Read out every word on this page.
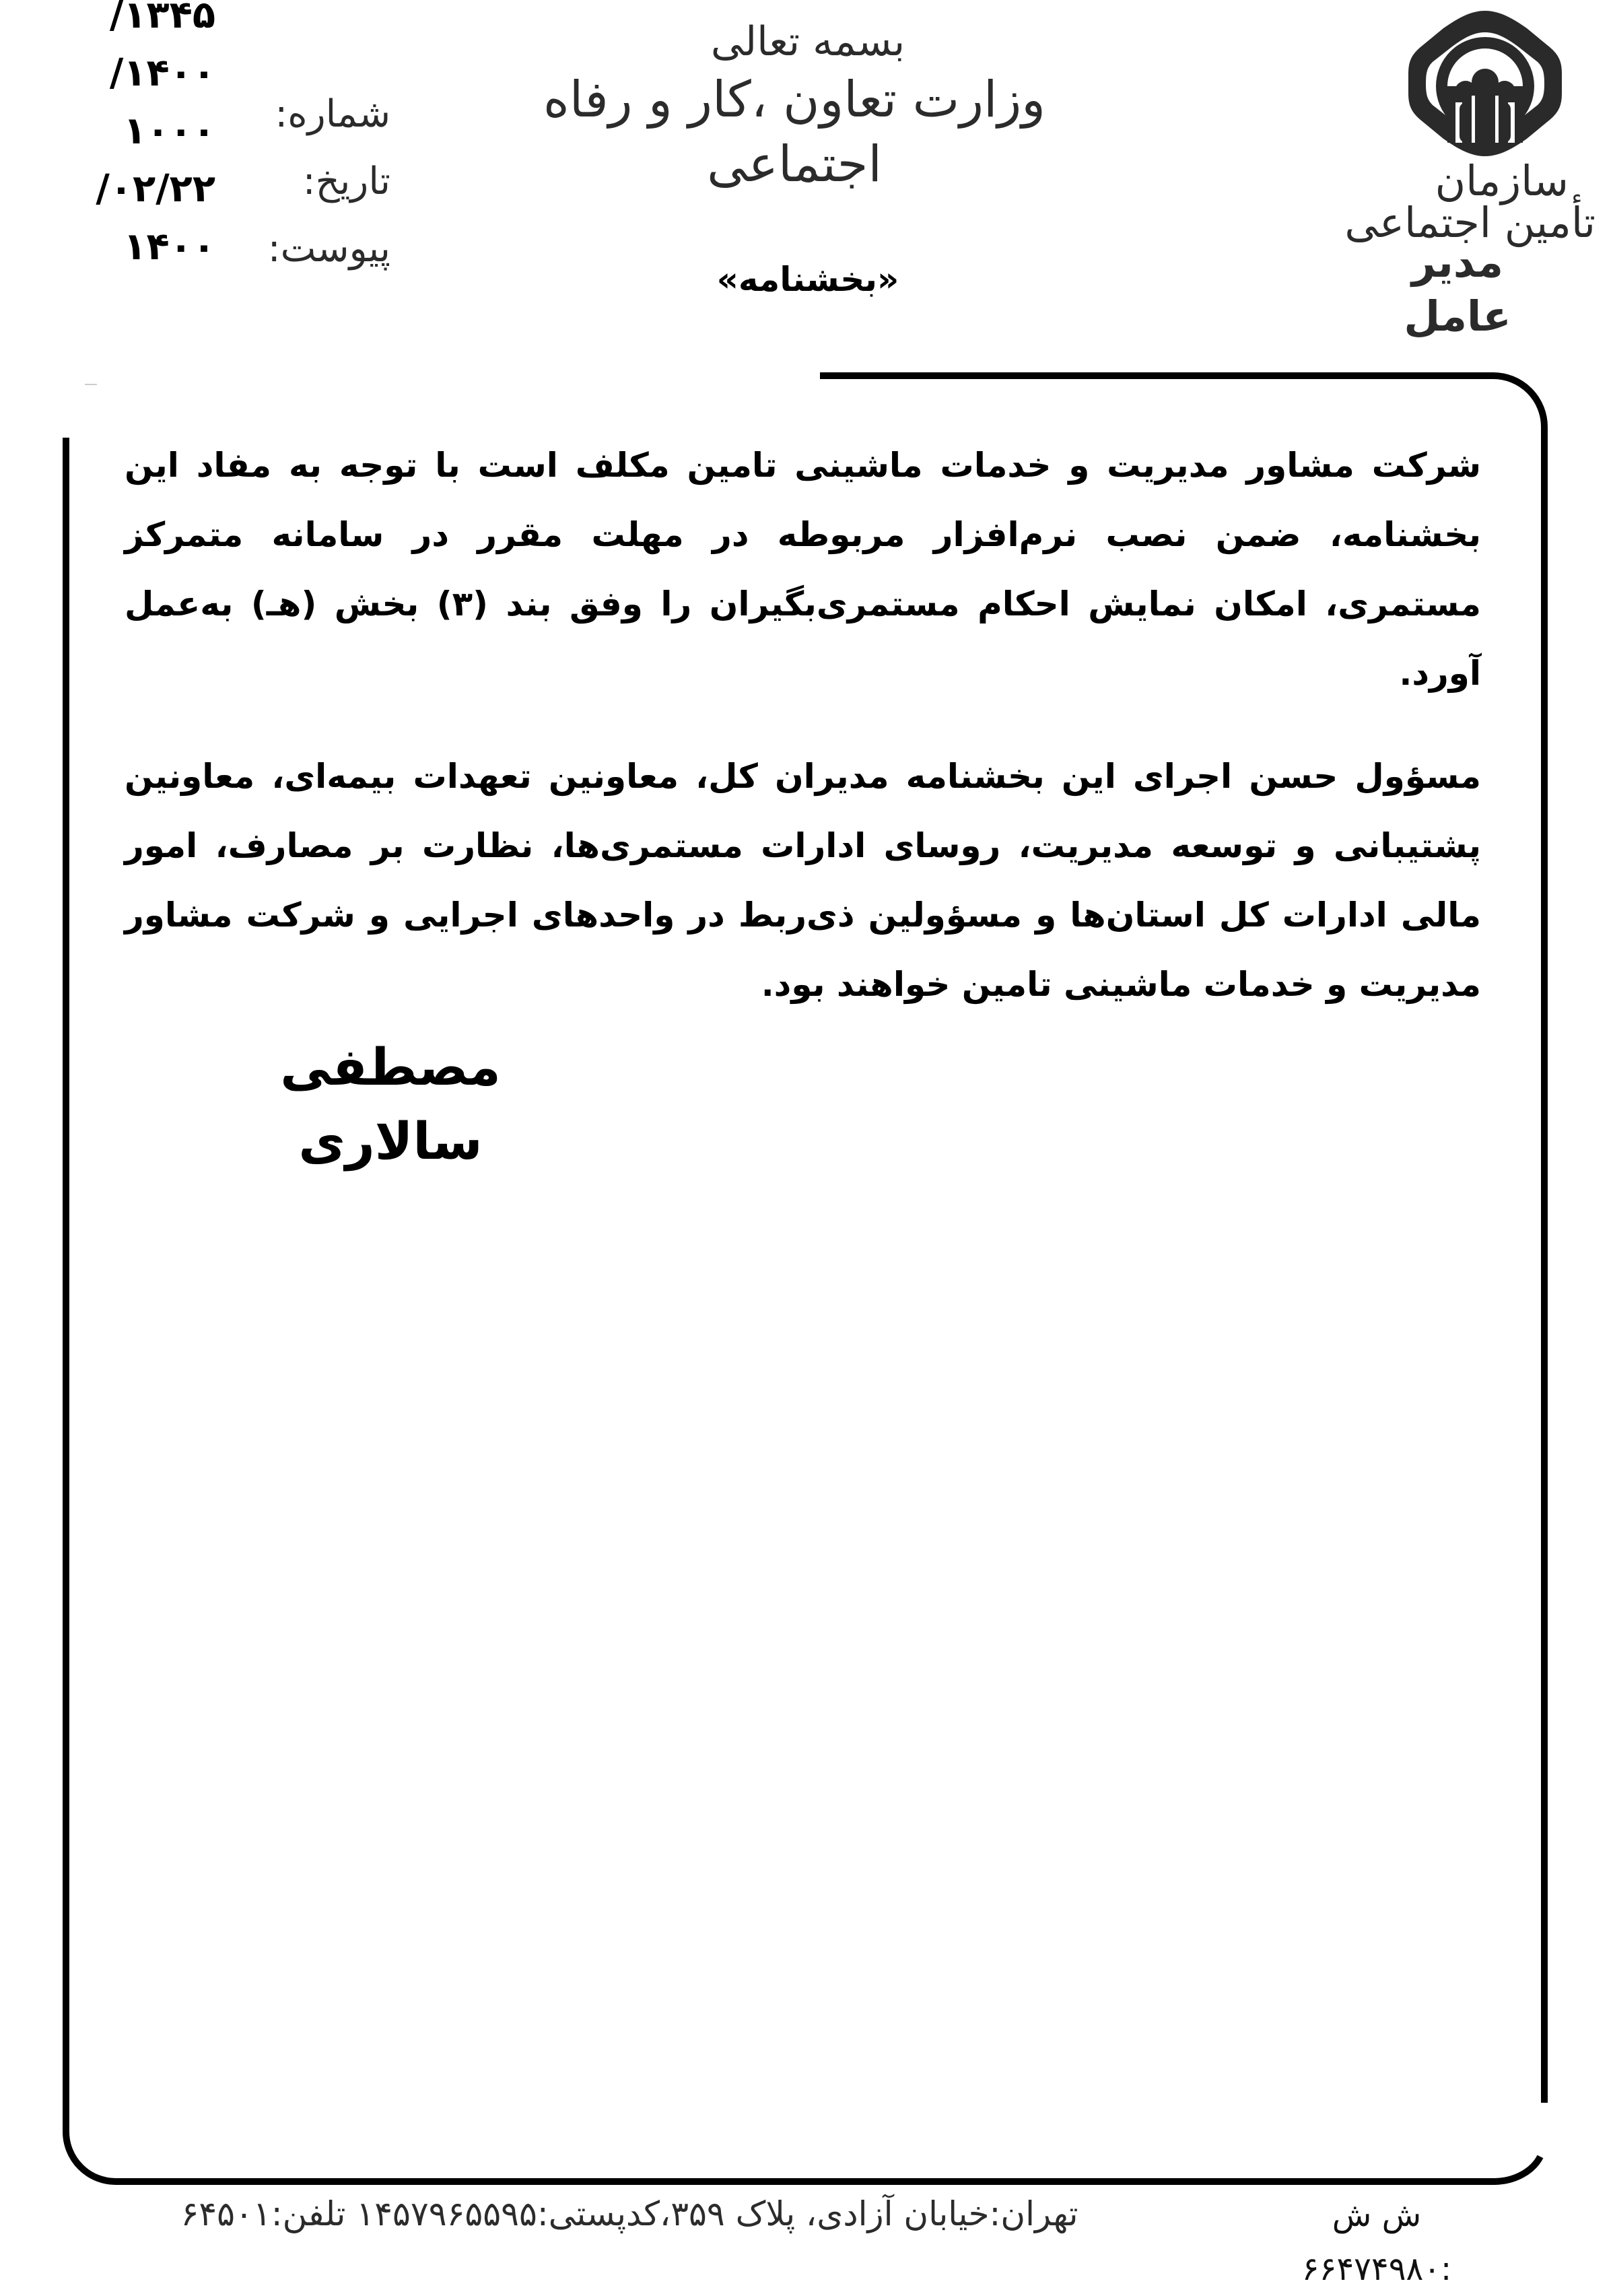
بسمه تعالی
وزارت تعاون ،کار و رفاه اجتماعی
«بخشنامه»
شماره:
تاریخ:
پیوست:
/۱۳۴۵
/۱۴۰۰
۱۰۰۰
/۰۲/۲۲
۱۴۰۰
سازمان
تأمین اجتماعی
مدیر عامل

شرکت مشاور مدیریت و خدمات ماشینی تامین مکلف است با توجه به مفاد این بخشنامه، ضمن نصب نرم‌افزار مربوطه در مهلت مقرر در سامانه متمرکز مستمری، امکان نمایش احکام مستمری‌بگیران را وفق بند (۳) بخش (هـ) به‌عمل آورد.

مسؤول حسن اجرای این بخشنامه مدیران کل، معاونین تعهدات بیمه‌ای، معاونین پشتیبانی و توسعه مدیریت، روسای ادارات مستمری‌ها، نظارت بر مصارف، امور مالی ادارات کل استان‌ها و مسؤولین ذی‌ربط در واحدهای اجرایی و شرکت مشاور مدیریت و خدمات ماشینی تامین خواهند بود.

مصطفی سالاری
تهران:خیابان آزادی، پلاک ۳۵۹،کدپستی:۱۴۵۷۹۶۵۵۹۵ تلفن:۶۴۵۰۱	ش ش :۶۶۴۷۴۹۸۰
